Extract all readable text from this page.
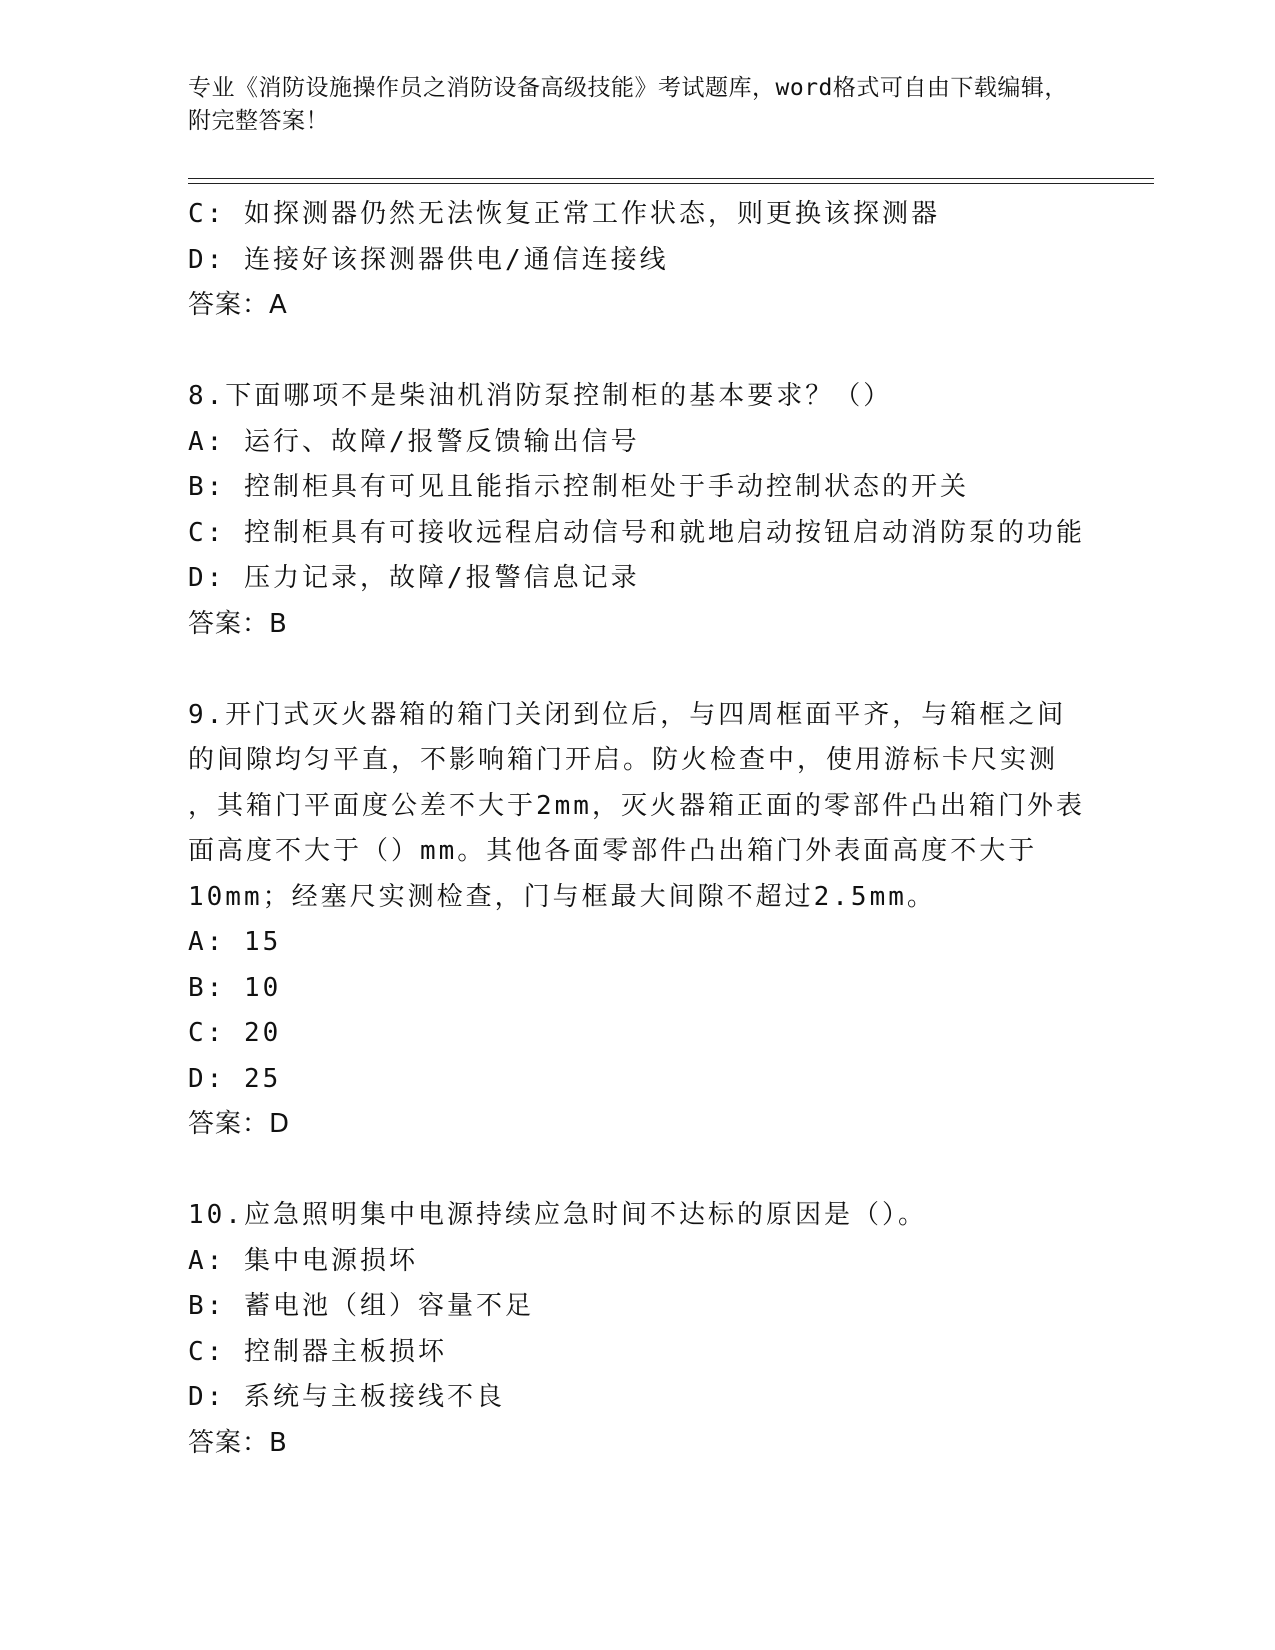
专业《消防设施操作员之消防设备高级技能》考试题库，word格式可自由下载编辑，附完整答案！
C: 如探测器仍然无法恢复正常工作状态，则更换该探测器
D: 连接好该探测器供电/通信连接线
答案：A
8.下面哪项不是柴油机消防泵控制柜的基本要求？（）
A: 运行、故障/报警反馈输出信号
B: 控制柜具有可见且能指示控制柜处于手动控制状态的开关
C: 控制柜具有可接收远程启动信号和就地启动按钮启动消防泵的功能
D: 压力记录，故障/报警信息记录
答案：B
9.开门式灭火器箱的箱门关闭到位后，与四周框面平齐，与箱框之间
的间隙均匀平直，不影响箱门开启。防火检查中，使用游标卡尺实测
，其箱门平面度公差不大于2mm，灭火器箱正面的零部件凸出箱门外表
面高度不大于（）mm。其他各面零部件凸出箱门外表面高度不大于
10mm；经塞尺实测检查，门与框最大间隙不超过2.5mm。
A: 15
B: 10
C: 20
D: 25
答案：D
10.应急照明集中电源持续应急时间不达标的原因是（）。
A: 集中电源损坏
B: 蓄电池（组）容量不足
C: 控制器主板损坏
D: 系统与主板接线不良
答案：B
